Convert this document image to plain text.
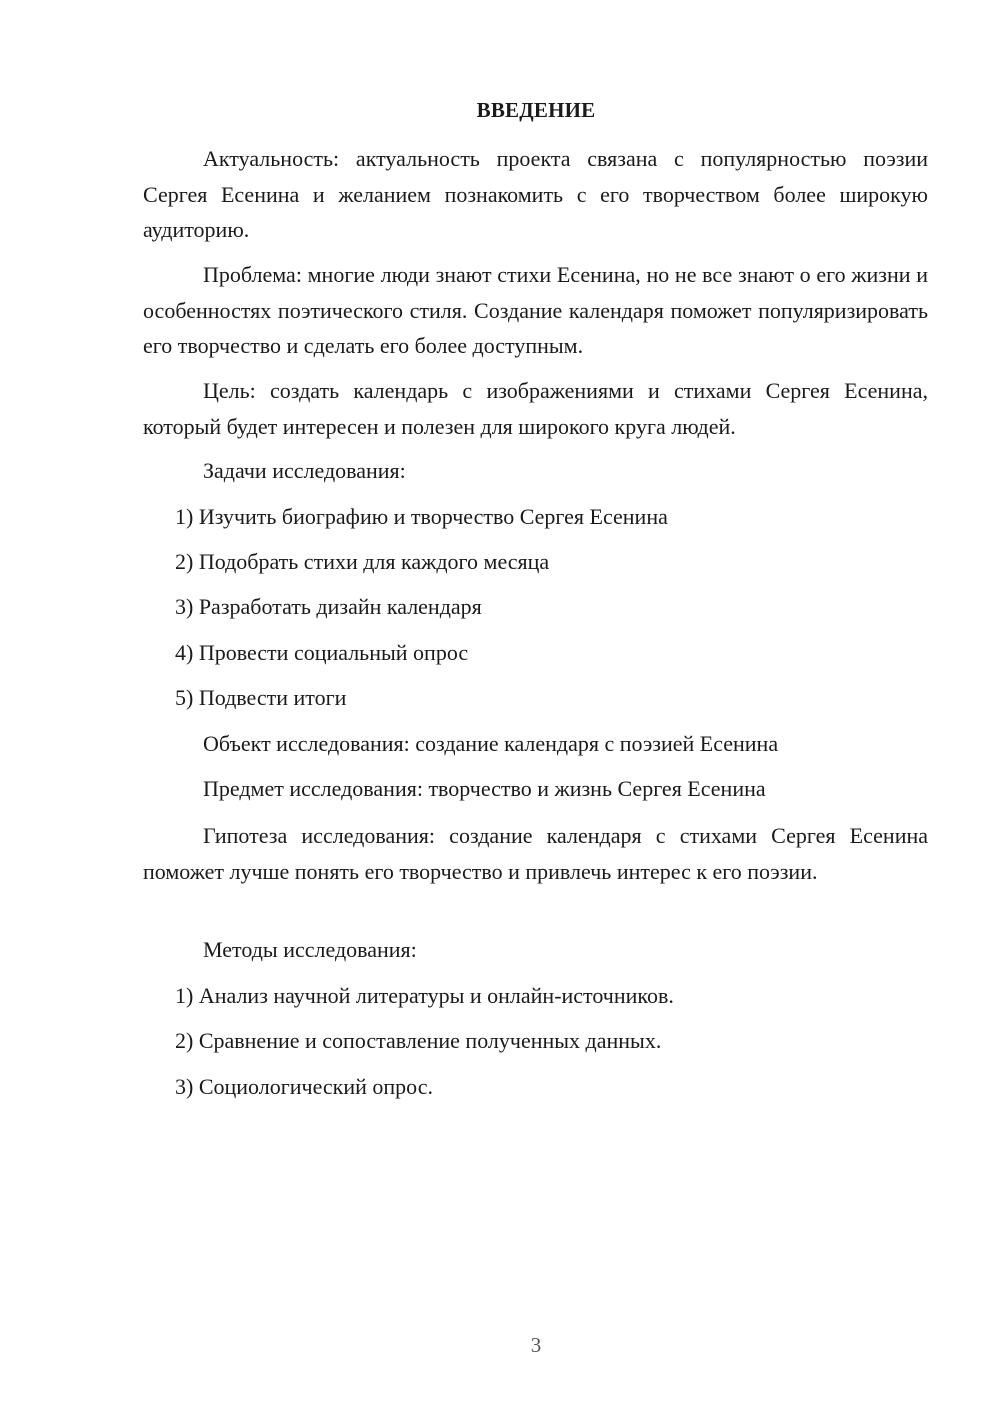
ВВЕДЕНИЕ
Актуальность: актуальность проекта связана с популярностью поэзии Сергея Есенина и желанием познакомить с его творчеством более широкую аудиторию.
Проблема: многие люди знают стихи Есенина, но не все знают о его жизни и особенностях поэтического стиля. Создание календаря поможет популяризировать его творчество и сделать его более доступным.
Цель: создать календарь с изображениями и стихами Сергея Есенина, который будет интересен и полезен для широкого круга людей.
Задачи исследования:
1) Изучить биографию и творчество Сергея Есенина
2) Подобрать стихи для каждого месяца
3) Разработать дизайн календаря
4) Провести социальный опрос
5) Подвести итоги
Объект исследования: создание календаря с поэзией Есенина
Предмет исследования: творчество и жизнь Сергея Есенина
Гипотеза исследования: создание календаря с стихами Сергея Есенина поможет лучше понять его творчество и привлечь интерес к его поэзии.
Методы исследования:
1) Анализ научной литературы и онлайн-источников.
2) Сравнение и сопоставление полученных данных.
3) Социологический опрос.
3
